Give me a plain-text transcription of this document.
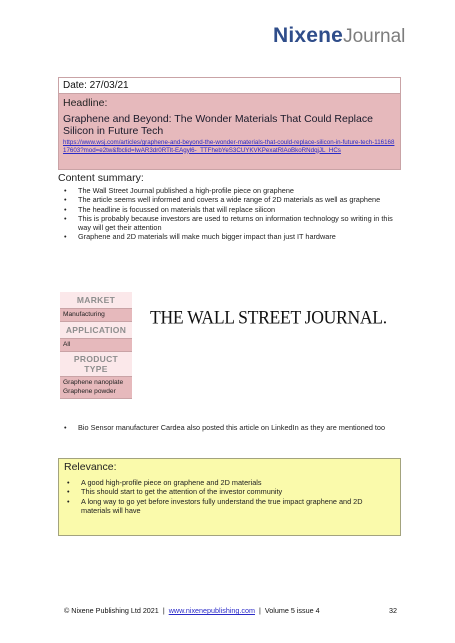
NixeneJournal
Date: 27/03/21
Headline:
Graphene and Beyond: The Wonder Materials That Could Replace Silicon in Future Tech
https://www.wsj.com/articles/graphene-and-beyond-the-wonder-materials-that-could-replace-silicon-in-future-tech-11616817603?mod=e2tw&fbclid=IwAR3dr0RTlt-EAgyl6-_TTFhebYeS3CUYKVKPexatRlAoBkoRNdqjJL_HCs
Content summary:
•	The Wall Street Journal published a high-profile piece on graphene
•	The article seems well informed and covers a wide range of 2D materials as well as graphene
•	The headline is focussed on materials that will replace silicon
•	This is probably because investors are used to returns on information technology so writing in this way will get their attention
•	Graphene and 2D materials will make much bigger impact than just IT hardware
MARKET
Manufacturing
APPLICATION
All
PRODUCT
TYPE
Graphene nanoplate
Graphene powder
THE WALL STREET JOURNAL.
•	Bio Sensor manufacturer Cardea also posted this article on LinkedIn as they are mentioned too
Relevance:
•	A good high-profile piece on graphene and 2D materials
•	This should start to get the attention of the investor community
•	A long way to go yet before investors fully understand the true impact graphene and 2D materials will have
© Nixene Publishing Ltd 2021 | www.nixenepublishing.com | Volume 5 issue 4	32
